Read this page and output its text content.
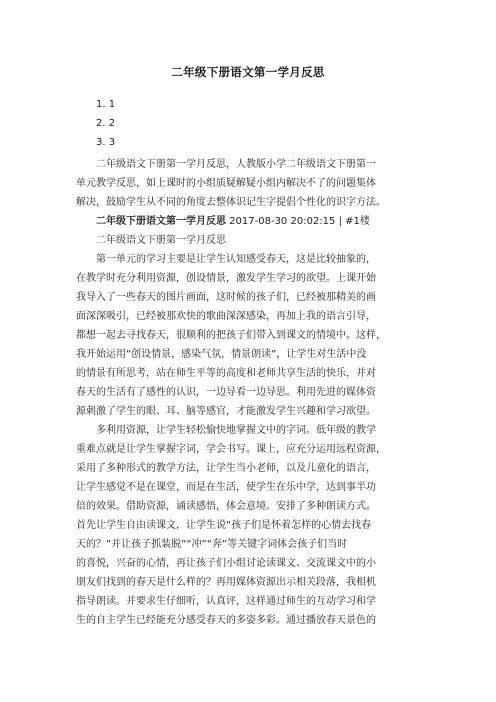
二年级下册语文第一学月反思
1. 1
2. 2
3. 3
二年级语文下册第一学月反思，人教版小学二年级语文下册第一
单元教学反思，如上课时的小组质疑解疑小组内解决不了的问题集体
解决，鼓励学生从不同的角度去整体识记生字提倡个性化的识字方法。
二年级下册语文第一学月反思 2017-08-30 20:02:15 | #1楼
二年级语文下册第一学月反思
第一单元的学习主要是让学生认知感受春天，这是比较抽象的，
在教学时充分利用资源，创设情景，激发学生学习的欲望。上课开始
我导入了一些春天的图片画面，这时候的孩子们，已经被那精美的画
面深深吸引，已经被那欢快的歌曲深深感染，再加上我的语言引导，
都想一起去寻找春天，很顺利的把孩子们带入到课文的情境中。这样，
我开始运用“创设情景，感染气氛，情景朗读”，让学生对生活中没
的情景有所思考，站在师生平等的高度和老师共享生活的快乐，并对
春天的生活有了感性的认识，一边导看一边导思。利用先进的媒体资
源刺激了学生的眼、耳、脑等感官，才能激发学生兴趣和学习欲望。
多利用资源，让学生轻松愉快地掌握文中的字词。低年级的教学
重难点就是让学生掌握字词，学会书写。课上，应充分运用远程资源，
采用了多种形式的教学方法，让学生当小老师，以及儿童化的语言，
让学生感觉不是在课堂，而是在生活，使学生在乐中学，达到事半功
倍的效果。借助资源，诵读感悟，体会意境。安排了多种朗读方式。
首先让学生自由读课文，让学生说“孩子们是怀着怎样的心情去找春
天的？”并让孩子抓装脱”“冲”“奔”等关键字词体会孩子们当时
的喜悦，兴奋的心情，再让孩子们小组讨论读课文、交流课文中的小
朋友们找到的春天是什么样的？再用媒体资源出示相关段落，我相机
指导朗读。并要求生仔细听，认真评，这样通过师生的互动学习和学
生的自主学生已经能充分感受春天的多姿多彩。通过播放春天景色的
